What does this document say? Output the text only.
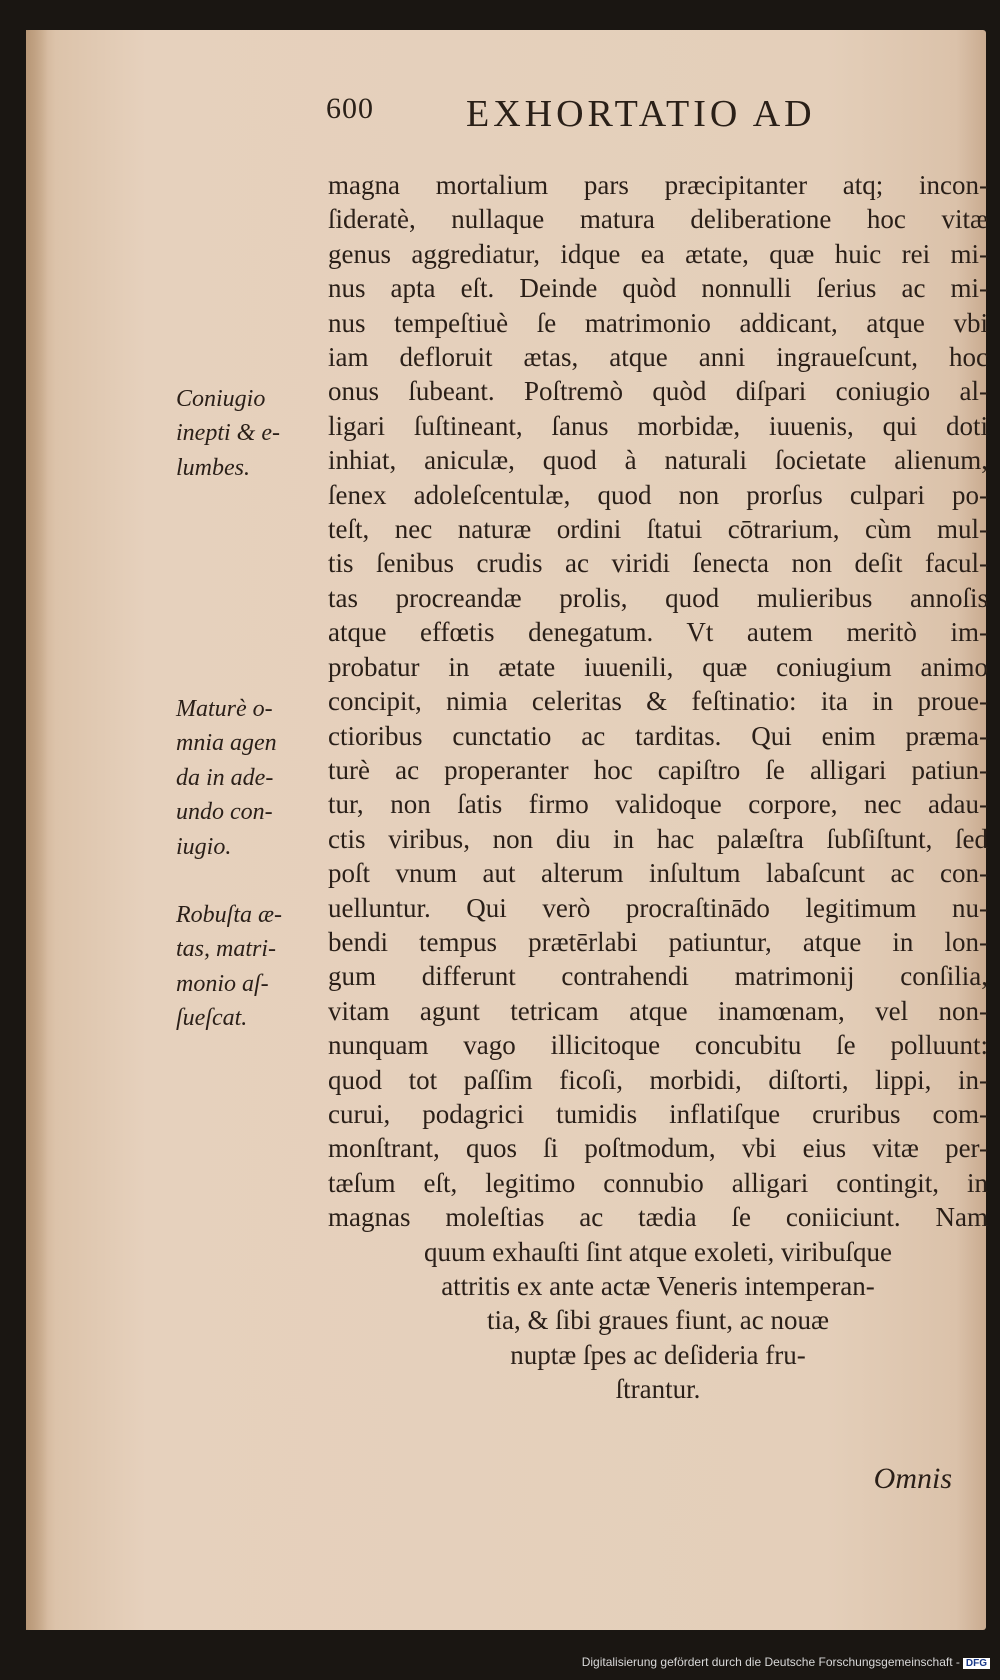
600 EXHORTATIO AD
magna mortalium pars præcipitanter atq; incon-
ſideratè, nullaque matura deliberatione hoc vitæ
genus aggrediatur, idque ea ætate, quæ huic rei mi-
nus apta eſt. Deinde quòd nonnulli ſerius ac mi-
nus tempeſtiuè ſe matrimonio addicant, atque vbi
iam defloruit ætas, atque anni ingraueſcunt, hoc
onus ſubeant. Poſtremò quòd diſpari coniugio al-
ligari ſuſtineant, ſanus morbidæ, iuuenis, qui doti
inhiat, aniculæ, quod à naturali ſocietate alienum,
ſenex adoleſcentulæ, quod non prorſus culpari po-
teſt, nec naturæ ordini ſtatui cōtrarium, cùm mul-
tis ſenibus crudis ac viridi ſenecta non deſit facul-
tas procreandæ prolis, quod mulieribus annoſis
atque effœtis denegatum. Vt autem meritò im-
probatur in ætate iuuenili, quæ coniugium animo
concipit, nimia celeritas & feſtinatio: ita in proue-
ctioribus cunctatio ac tarditas. Qui enim præma-
turè ac properanter hoc capiſtro ſe alligari patiun-
tur, non ſatis firmo validoque corpore, nec adau-
ctis viribus, non diu in hac palæſtra ſubſiſtunt, ſed
poſt vnum aut alterum inſultum labaſcunt ac con-
uelluntur. Qui verò procraſtinādo legitimum nu-
bendi tempus prætērlabi patiuntur, atque in lon-
gum differunt contrahendi matrimonij conſilia,
vitam agunt tetricam atque inamœnam, vel non-
nunquam vago illicitoque concubitu ſe polluunt:
quod tot paſſim ficoſi, morbidi, diſtorti, lippi, in-
curui, podagrici tumidis inflatiſque cruribus com-
monſtrant, quos ſi poſtmodum, vbi eius vitæ per-
tæſum eſt, legitimo connubio alligari contingit, in
magnas moleſtias ac tædia ſe coniiciunt. Nam
quum exhauſti ſint atque exoleti, viribuſque
attritis ex ante actæ Veneris intemperan-
tia, & ſibi graues fiunt, ac nouæ
nuptæ ſpes ac deſideria fru-
ſtrantur.
Coniugio
inepti & e-
lumbes.
Maturè o-
mnia agen
da in ade-
undo con-
iugio.
Robuſta æ-
tas, matri-
monio aſ-
ſueſcat.
Omnis
Digitalisierung gefördert durch die Deutsche Forschungsgemeinschaft - DFG
